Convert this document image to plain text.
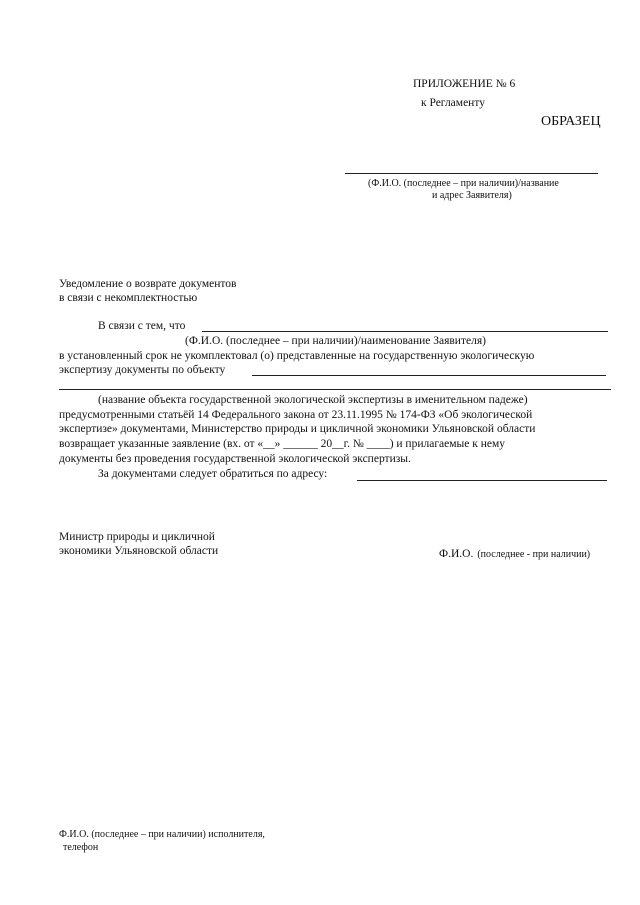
ПРИЛОЖЕНИЕ № 6
к Регламенту
ОБРАЗЕЦ
(Ф.И.О. (последнее – при наличии)/название
и адрес Заявителя)
Уведомление о возврате документов
в связи с некомплектностью
В связи с тем, что
(Ф.И.О. (последнее – при наличии)/наименование Заявителя)
в установленный срок не укомплектовал (о) представленные на государственную экологическую
экспертизу документы по объекту
(название объекта государственной экологической экспертизы в именительном падеже)
предусмотренными статьёй 14 Федерального закона от 23.11.1995 № 174-ФЗ «Об экологической
экспертизе» документами, Министерство природы и цикличной экономики Ульяновской области
возвращает указанные заявление (вх. от «__» ______ 20__г. № ____) и прилагаемые к нему
документы без проведения государственной экологической экспертизы.
За документами следует обратиться по адресу:
Министр природы и цикличной
экономики Ульяновской области	Ф.И.О. (последнее - при наличии)
Ф.И.О. (последнее – при наличии) исполнителя,
телефон
